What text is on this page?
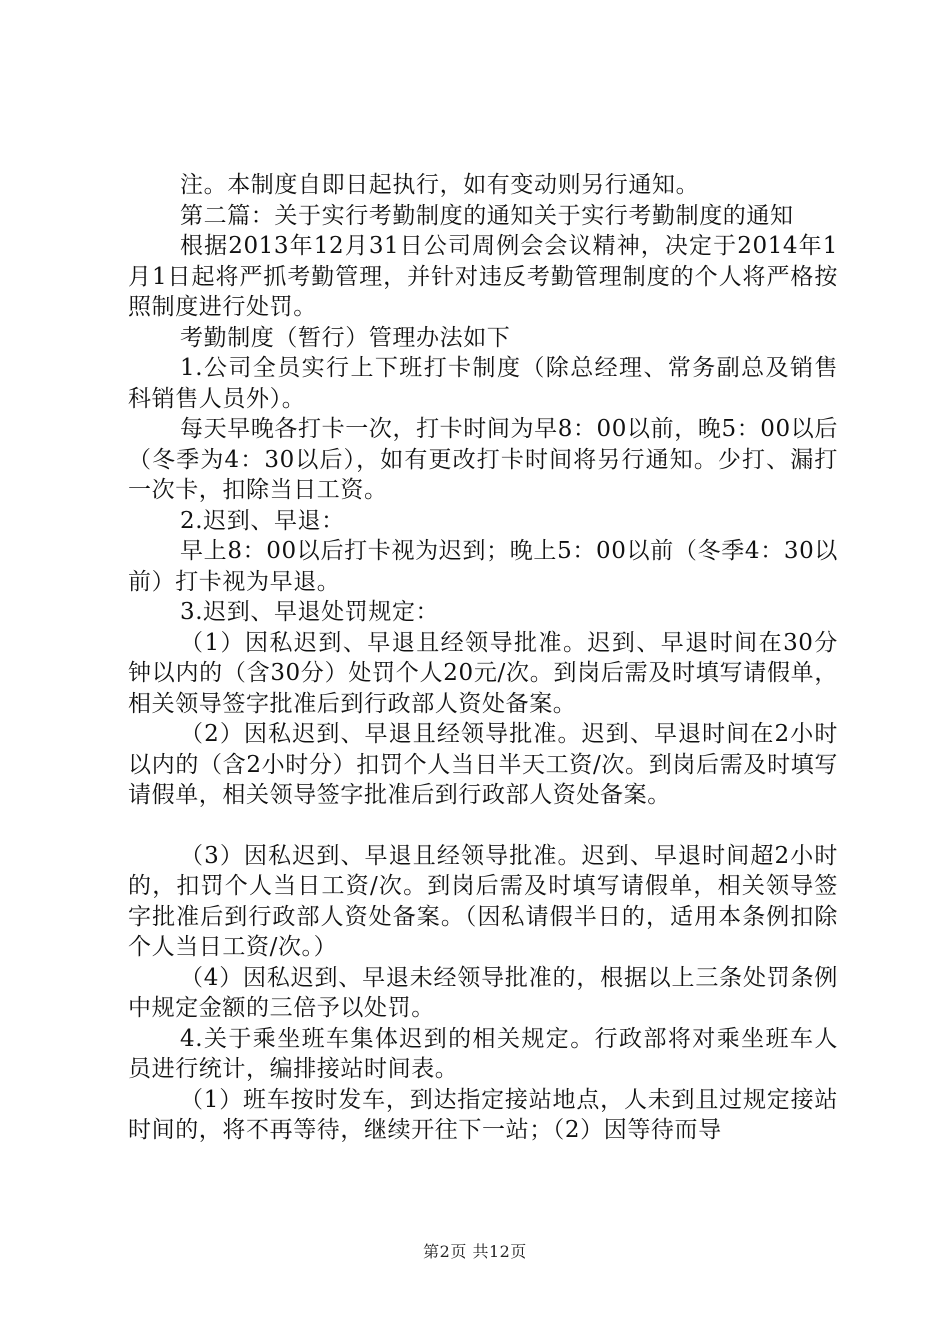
注。本制度自即日起执行，如有变动则另行通知。

第二篇：关于实行考勤制度的通知关于实行考勤制度的通知

根据2013年12月31日公司周例会会议精神，决定于2014年1月1日起将严抓考勤管理，并针对违反考勤管理制度的个人将严格按照制度进行处罚。

考勤制度（暂行）管理办法如下

1.公司全员实行上下班打卡制度（除总经理、常务副总及销售科销售人员外）。

每天早晚各打卡一次，打卡时间为早8：00以前，晚5：00以后（冬季为4：30以后），如有更改打卡时间将另行通知。少打、漏打一次卡，扣除当日工资。

2.迟到、早退：

早上8：00以后打卡视为迟到；晚上5：00以前（冬季4：30以前）打卡视为早退。

3.迟到、早退处罚规定：

（1）因私迟到、早退且经领导批准。迟到、早退时间在30分钟以内的（含30分）处罚个人20元/次。到岗后需及时填写请假单，相关领导签字批准后到行政部人资处备案。

（2）因私迟到、早退且经领导批准。迟到、早退时间在2小时以内的（含2小时分）扣罚个人当日半天工资/次。到岗后需及时填写请假单，相关领导签字批准后到行政部人资处备案。

（3）因私迟到、早退且经领导批准。迟到、早退时间超2小时的，扣罚个人当日工资/次。到岗后需及时填写请假单，相关领导签字批准后到行政部人资处备案。（因私请假半日的，适用本条例扣除个人当日工资/次。）

（4）因私迟到、早退未经领导批准的，根据以上三条处罚条例中规定金额的三倍予以处罚。

4.关于乘坐班车集体迟到的相关规定。行政部将对乘坐班车人员进行统计，编排接站时间表。

（1）班车按时发车，到达指定接站地点，人未到且过规定接站时间的，将不再等待，继续开往下一站；（2）因等待而导

第2页 共12页
